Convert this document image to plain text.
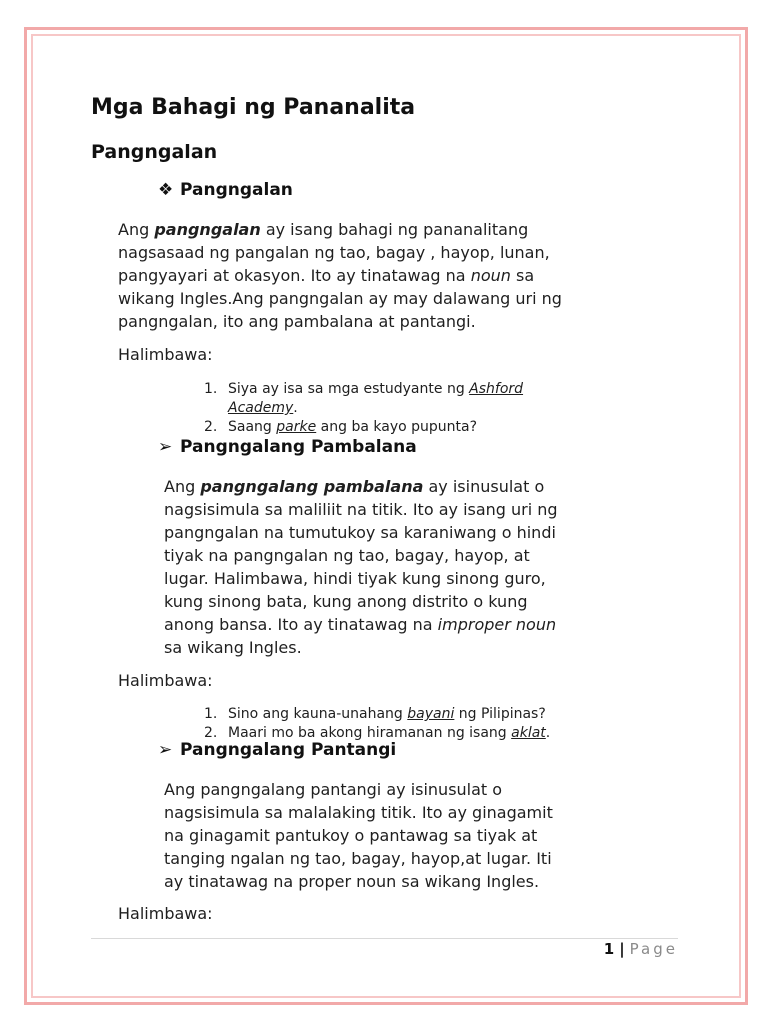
Mga Bahagi ng Pananalita
Pangngalan
❖ Pangngalan
Ang pangngalan ay isang bahagi ng pananalitang
nagsasaad ng pangalan ng tao, bagay , hayop, lunan,
pangyayari at okasyon. Ito ay tinatawag na noun sa
wikang Ingles.Ang pangngalan ay may dalawang uri ng
pangngalan, ito ang pambalana at pantangi.
Halimbawa:
1. Siya ay isa sa mga estudyante ng Ashford
Academy.
2. Saang parke ang ba kayo pupunta?
➢ Pangngalang Pambalana
Ang pangngalang pambalana ay isinusulat o
nagsisimula sa maliliit na titik. Ito ay isang uri ng
pangngalan na tumutukoy sa karaniwang o hindi
tiyak na pangngalan ng tao, bagay, hayop, at
lugar. Halimbawa, hindi tiyak kung sinong guro,
kung sinong bata, kung anong distrito o kung
anong bansa. Ito ay tinatawag na improper noun
sa wikang Ingles.
Halimbawa:
1. Sino ang kauna-unahang bayani ng Pilipinas?
2. Maari mo ba akong hiramanan ng isang aklat.
➢ Pangngalang Pantangi
Ang pangngalang pantangi ay isinusulat o
nagsisimula sa malalaking titik. Ito ay ginagamit
na ginagamit pantukoy o pantawag sa tiyak at
tanging ngalan ng tao, bagay, hayop,at lugar. Iti
ay tinatawag na proper noun sa wikang Ingles.
Halimbawa:
1 | Page
